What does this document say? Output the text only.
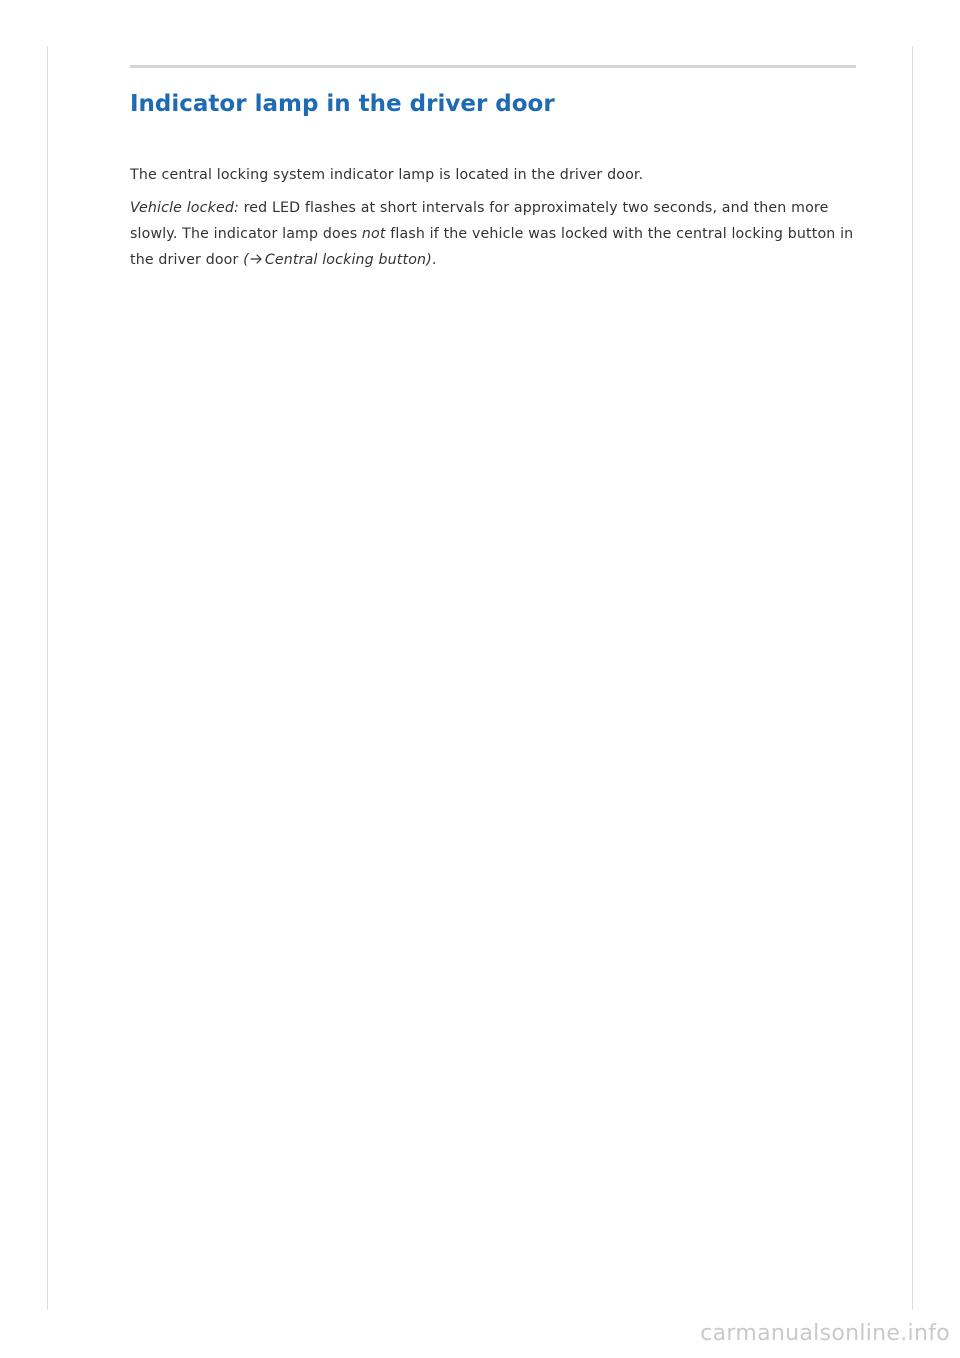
Indicator lamp in the driver door

The central locking system indicator lamp is located in the driver door.

Vehicle locked: red LED flashes at short intervals for approximately two seconds, and then more slowly. The indicator lamp does not flash if the vehicle was locked with the central locking button in the driver door ( Central locking button).

carmanualsonline.info
